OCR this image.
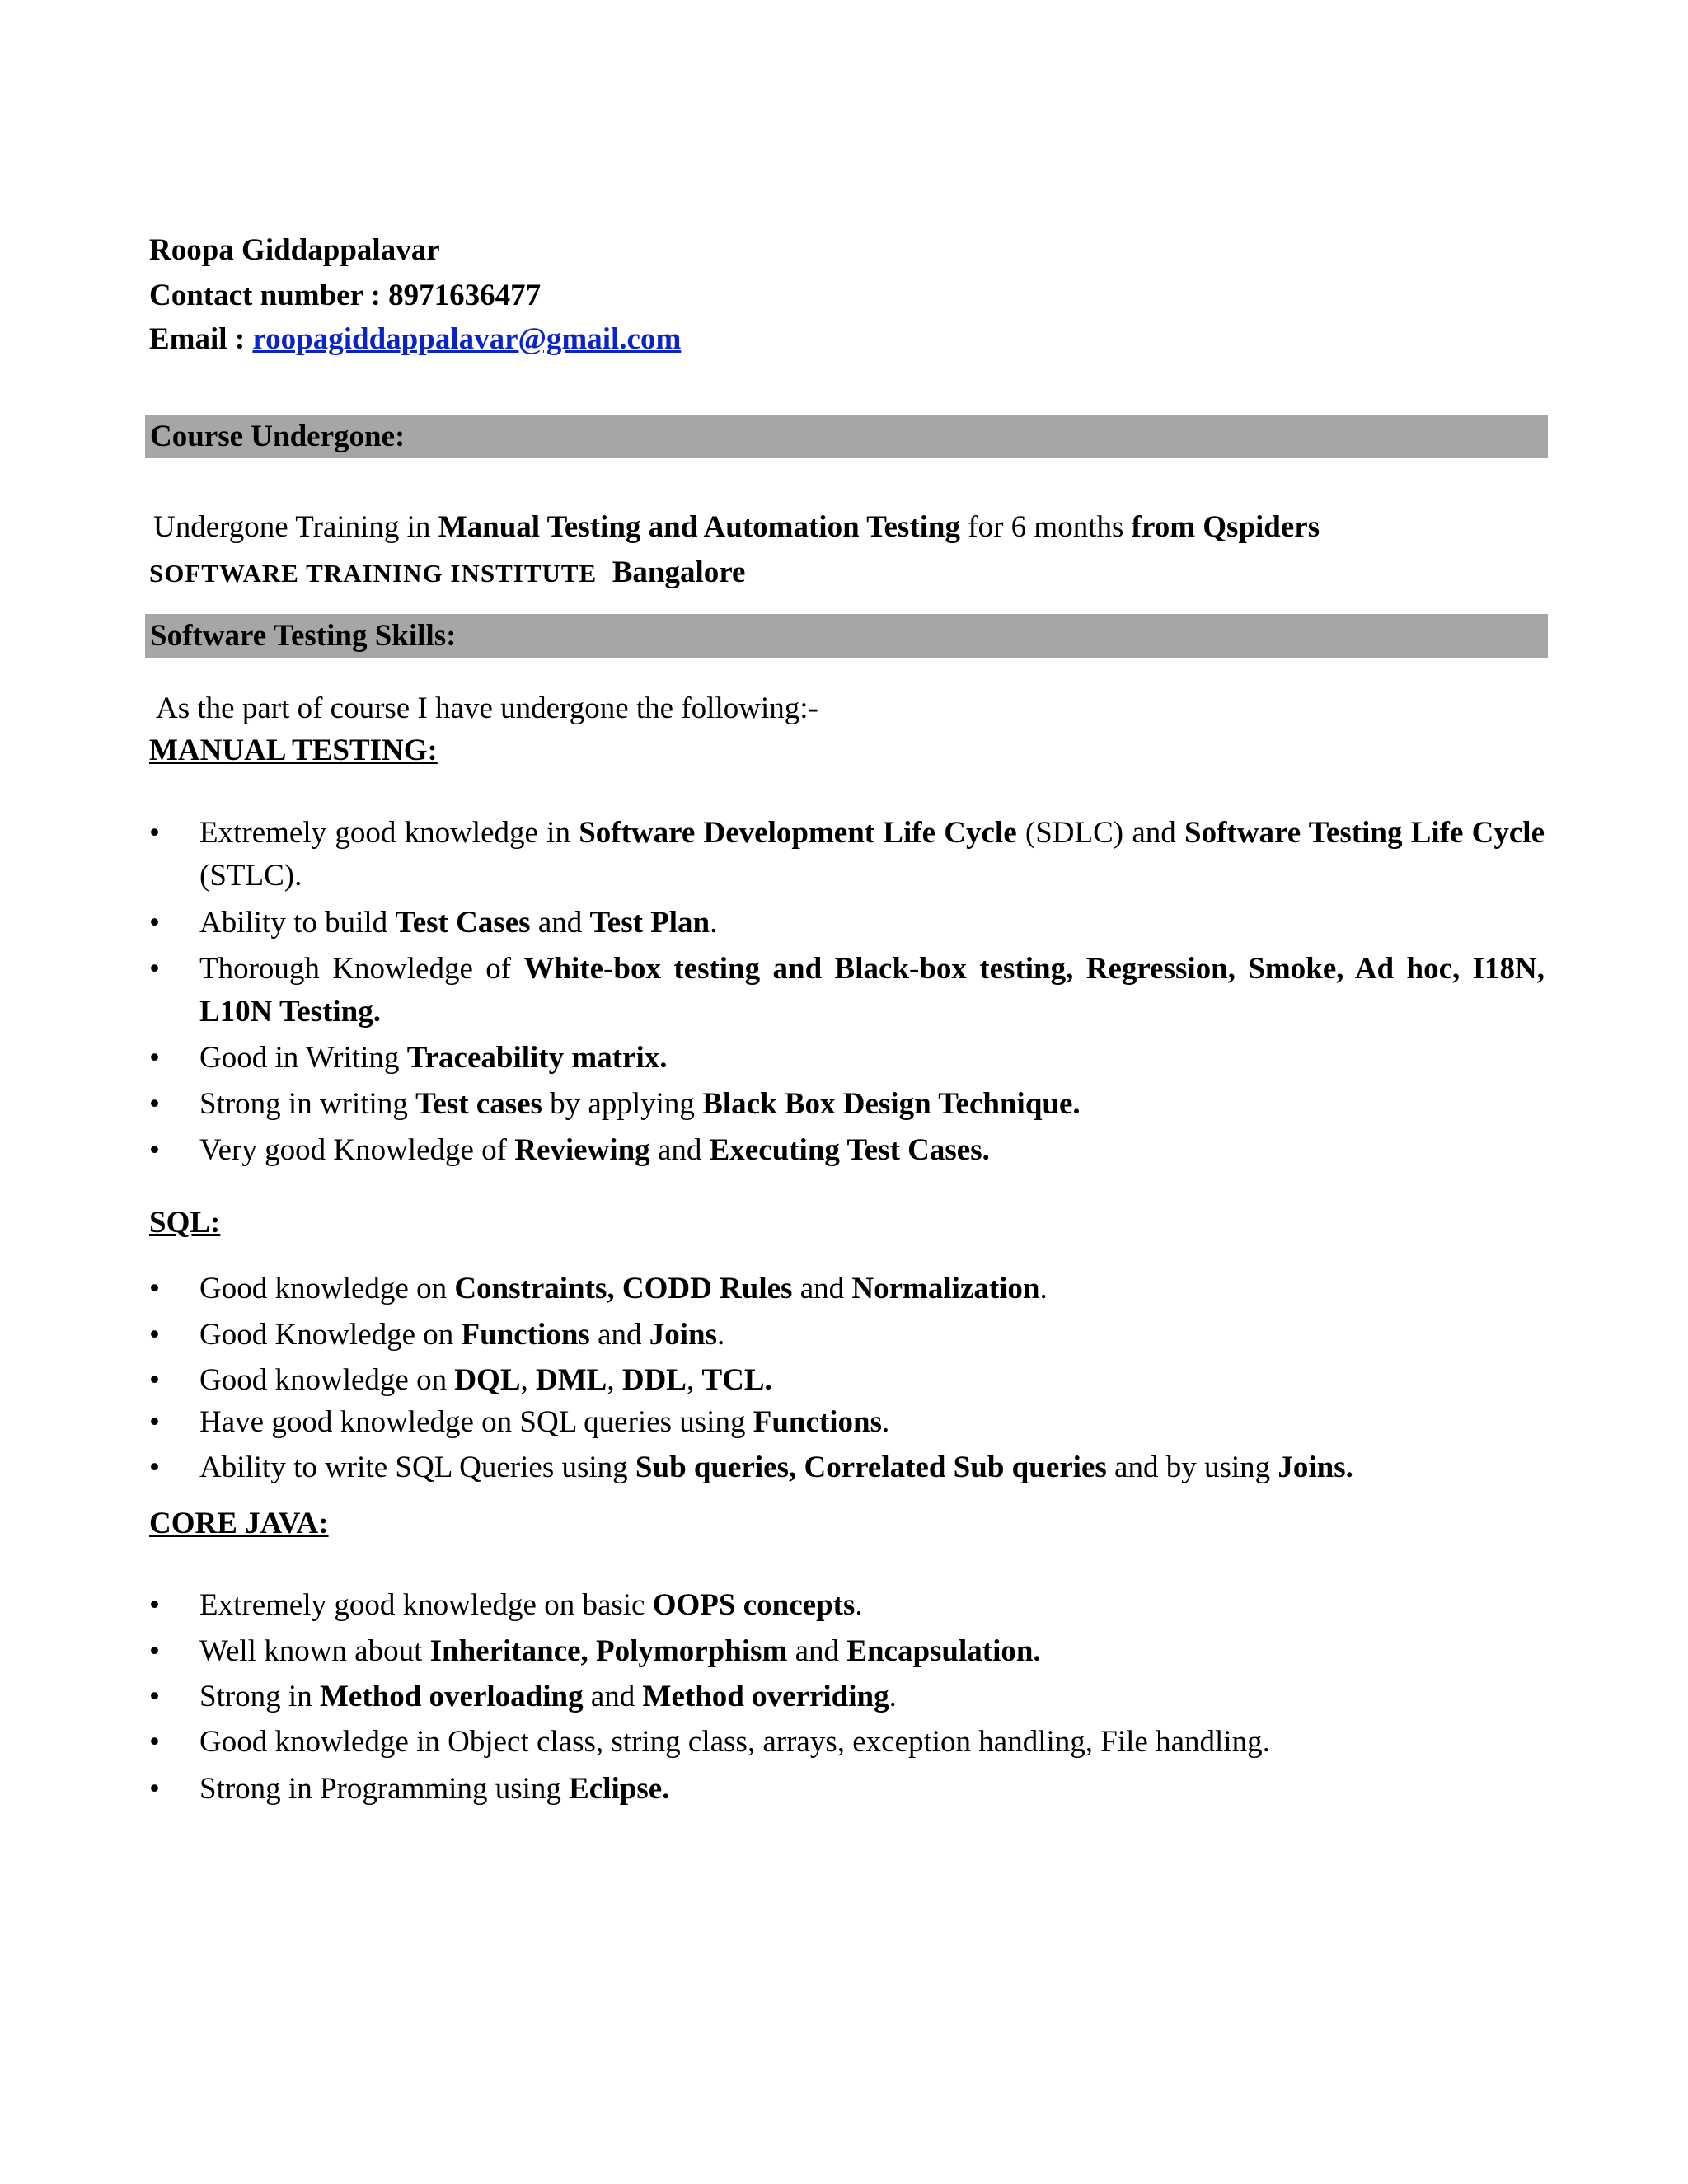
Roopa Giddappalavar
Contact number : 8971636477
Email : roopagiddappalavar@gmail.com
Course Undergone:
Undergone Training in Manual Testing and Automation Testing for 6 months from Qspiders
SOFTWARE TRAINING INSTITUTE Bangalore
Software Testing Skills:
As the part of course I have undergone the following:-
MANUAL TESTING:
•	Extremely good knowledge in Software Development Life Cycle (SDLC) and Software Testing Life Cycle (STLC).
•	Ability to build Test Cases and Test Plan.
•	Thorough Knowledge of White-box testing and Black-box testing, Regression, Smoke, Ad hoc, I18N, L10N Testing.
•	Good in Writing Traceability matrix.
•	Strong in writing Test cases by applying Black Box Design Technique.
•	Very good Knowledge of Reviewing and Executing Test Cases.
SQL:
•	Good knowledge on Constraints, CODD Rules and Normalization.
•	Good Knowledge on Functions and Joins.
•	Good knowledge on DQL, DML, DDL, TCL.
•	Have good knowledge on SQL queries using Functions.
•	Ability to write SQL Queries using Sub queries, Correlated Sub queries and by using Joins.
CORE JAVA:
•	Extremely good knowledge on basic OOPS concepts.
•	Well known about Inheritance, Polymorphism and Encapsulation.
•	Strong in Method overloading and Method overriding.
•	Good knowledge in Object class, string class, arrays, exception handling, File handling.
•	Strong in Programming using Eclipse.
